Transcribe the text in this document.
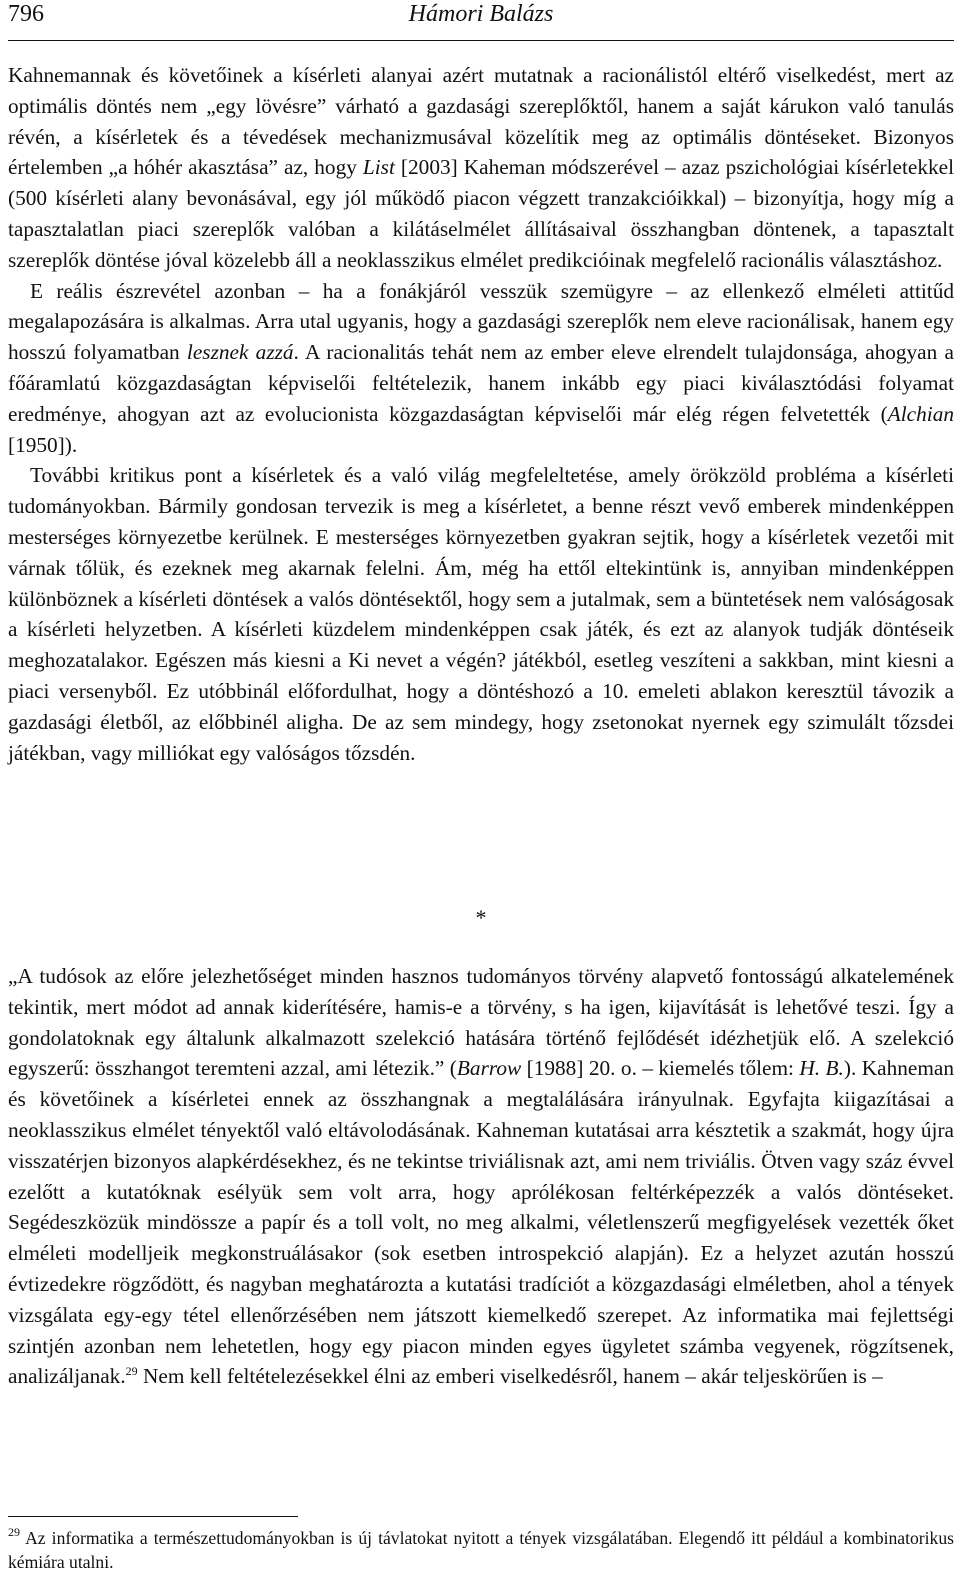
796	Hámori Balázs

Kahnemannak és követőinek a kísérleti alanyai azért mutatnak a racionálistól eltérő viselkedést, mert az optimális döntés nem „egy lövésre” várható a gazdasági szereplőktől, hanem a saját kárukon való tanulás révén, a kísérletek és a tévedések mechanizmusával közelítik meg az optimális döntéseket. Bizonyos értelemben „a hóhér akasztása” az, hogy List [2003] Kaheman módszerével – azaz pszichológiai kísérletekkel (500 kísérleti alany bevonásával, egy jól működő piacon végzett tranzakcióikkal) – bizonyítja, hogy míg a tapasztalatlan piaci szereplők valóban a kilátáselmélet állításaival összhangban döntenek, a tapasztalt szereplők döntése jóval közelebb áll a neoklasszikus elmélet predikcióinak megfelelő racionális választáshoz.

E reális észrevétel azonban – ha a fonákjáról vesszük szemügyre – az ellenkező elméleti attitűd megalapozására is alkalmas. Arra utal ugyanis, hogy a gazdasági szereplők nem eleve racionálisak, hanem egy hosszú folyamatban lesznek azzá. A racionalitás tehát nem az ember eleve elrendelt tulajdonsága, ahogyan a főáramlatú közgazdaságtan képviselői feltételezik, hanem inkább egy piaci kiválasztódási folyamat eredménye, ahogyan azt az evolucionista közgazdaságtan képviselői már elég régen felvetették (Alchian [1950]).

További kritikus pont a kísérletek és a való világ megfeleltetése, amely örökzöld probléma a kísérleti tudományokban. Bármily gondosan tervezik is meg a kísérletet, a benne részt vevő emberek mindenképpen mesterséges környezetbe kerülnek. E mesterséges környezetben gyakran sejtik, hogy a kísérletek vezetői mit várnak tőlük, és ezeknek meg akarnak felelni. Ám, még ha ettől eltekintünk is, annyiban mindenképpen különböznek a kísérleti döntések a valós döntésektől, hogy sem a jutalmak, sem a büntetések nem valóságosak a kísérleti helyzetben. A kísérleti küzdelem mindenképpen csak játék, és ezt az alanyok tudják döntéseik meghozatalakor. Egészen más kiesni a Ki nevet a végén? játékból, esetleg veszíteni a sakkban, mint kiesni a piaci versenyből. Ez utóbbinál előfordulhat, hogy a döntéshozó a 10. emeleti ablakon keresztül távozik a gazdasági életből, az előbbinél aligha. De az sem mindegy, hogy zsetonokat nyernek egy szimulált tőzsdei játékban, vagy milliókat egy valóságos tőzsdén.

*

„A tudósok az előre jelezhetőséget minden hasznos tudományos törvény alapvető fontosságú alkatelemének tekintik, mert módot ad annak kiderítésére, hamis-e a törvény, s ha igen, kijavítását is lehetővé teszi. Így a gondolatoknak egy általunk alkalmazott szelekció hatására történő fejlődését idézhetjük elő. A szelekció egyszerű: összhangot teremteni azzal, ami létezik.” (Barrow [1988] 20. o. – kiemelés tőlem: H. B.). Kahneman és követőinek a kísérletei ennek az összhangnak a megtalálására irányulnak. Egyfajta kiigazításai a neoklasszikus elmélet tényektől való eltávolodásának. Kahneman kutatásai arra késztetik a szakmát, hogy újra visszatérjen bizonyos alapkérdésekhez, és ne tekintse triviálisnak azt, ami nem triviális. Ötven vagy száz évvel ezelőtt a kutatóknak esélyük sem volt arra, hogy aprólékosan feltérképezzék a valós döntéseket. Segédeszközük mindössze a papír és a toll volt, no meg alkalmi, véletlenszerű megfigyelések vezették őket elméleti modelljeik megkonstruálásakor (sok esetben introspekció alapján). Ez a helyzet azután hosszú évtizedekre rögződött, és nagyban meghatározta a kutatási tradíciót a közgazdasági elméletben, ahol a tények vizsgálata egy-egy tétel ellenőrzésében nem játszott kiemelkedő szerepet. Az informatika mai fejlettségi szintjén azonban nem lehetetlen, hogy egy piacon minden egyes ügyletet számba vegyenek, rögzítsenek, analizáljanak.$^{29}$ Nem kell feltételezésekkel élni az emberi viselkedésről, hanem – akár teljeskörűen is –

$^{29}$ Az informatika a természettudományokban is új távlatokat nyitott a tények vizsgálatában. Elegendő itt például a kombinatorikus kémiára utalni.
